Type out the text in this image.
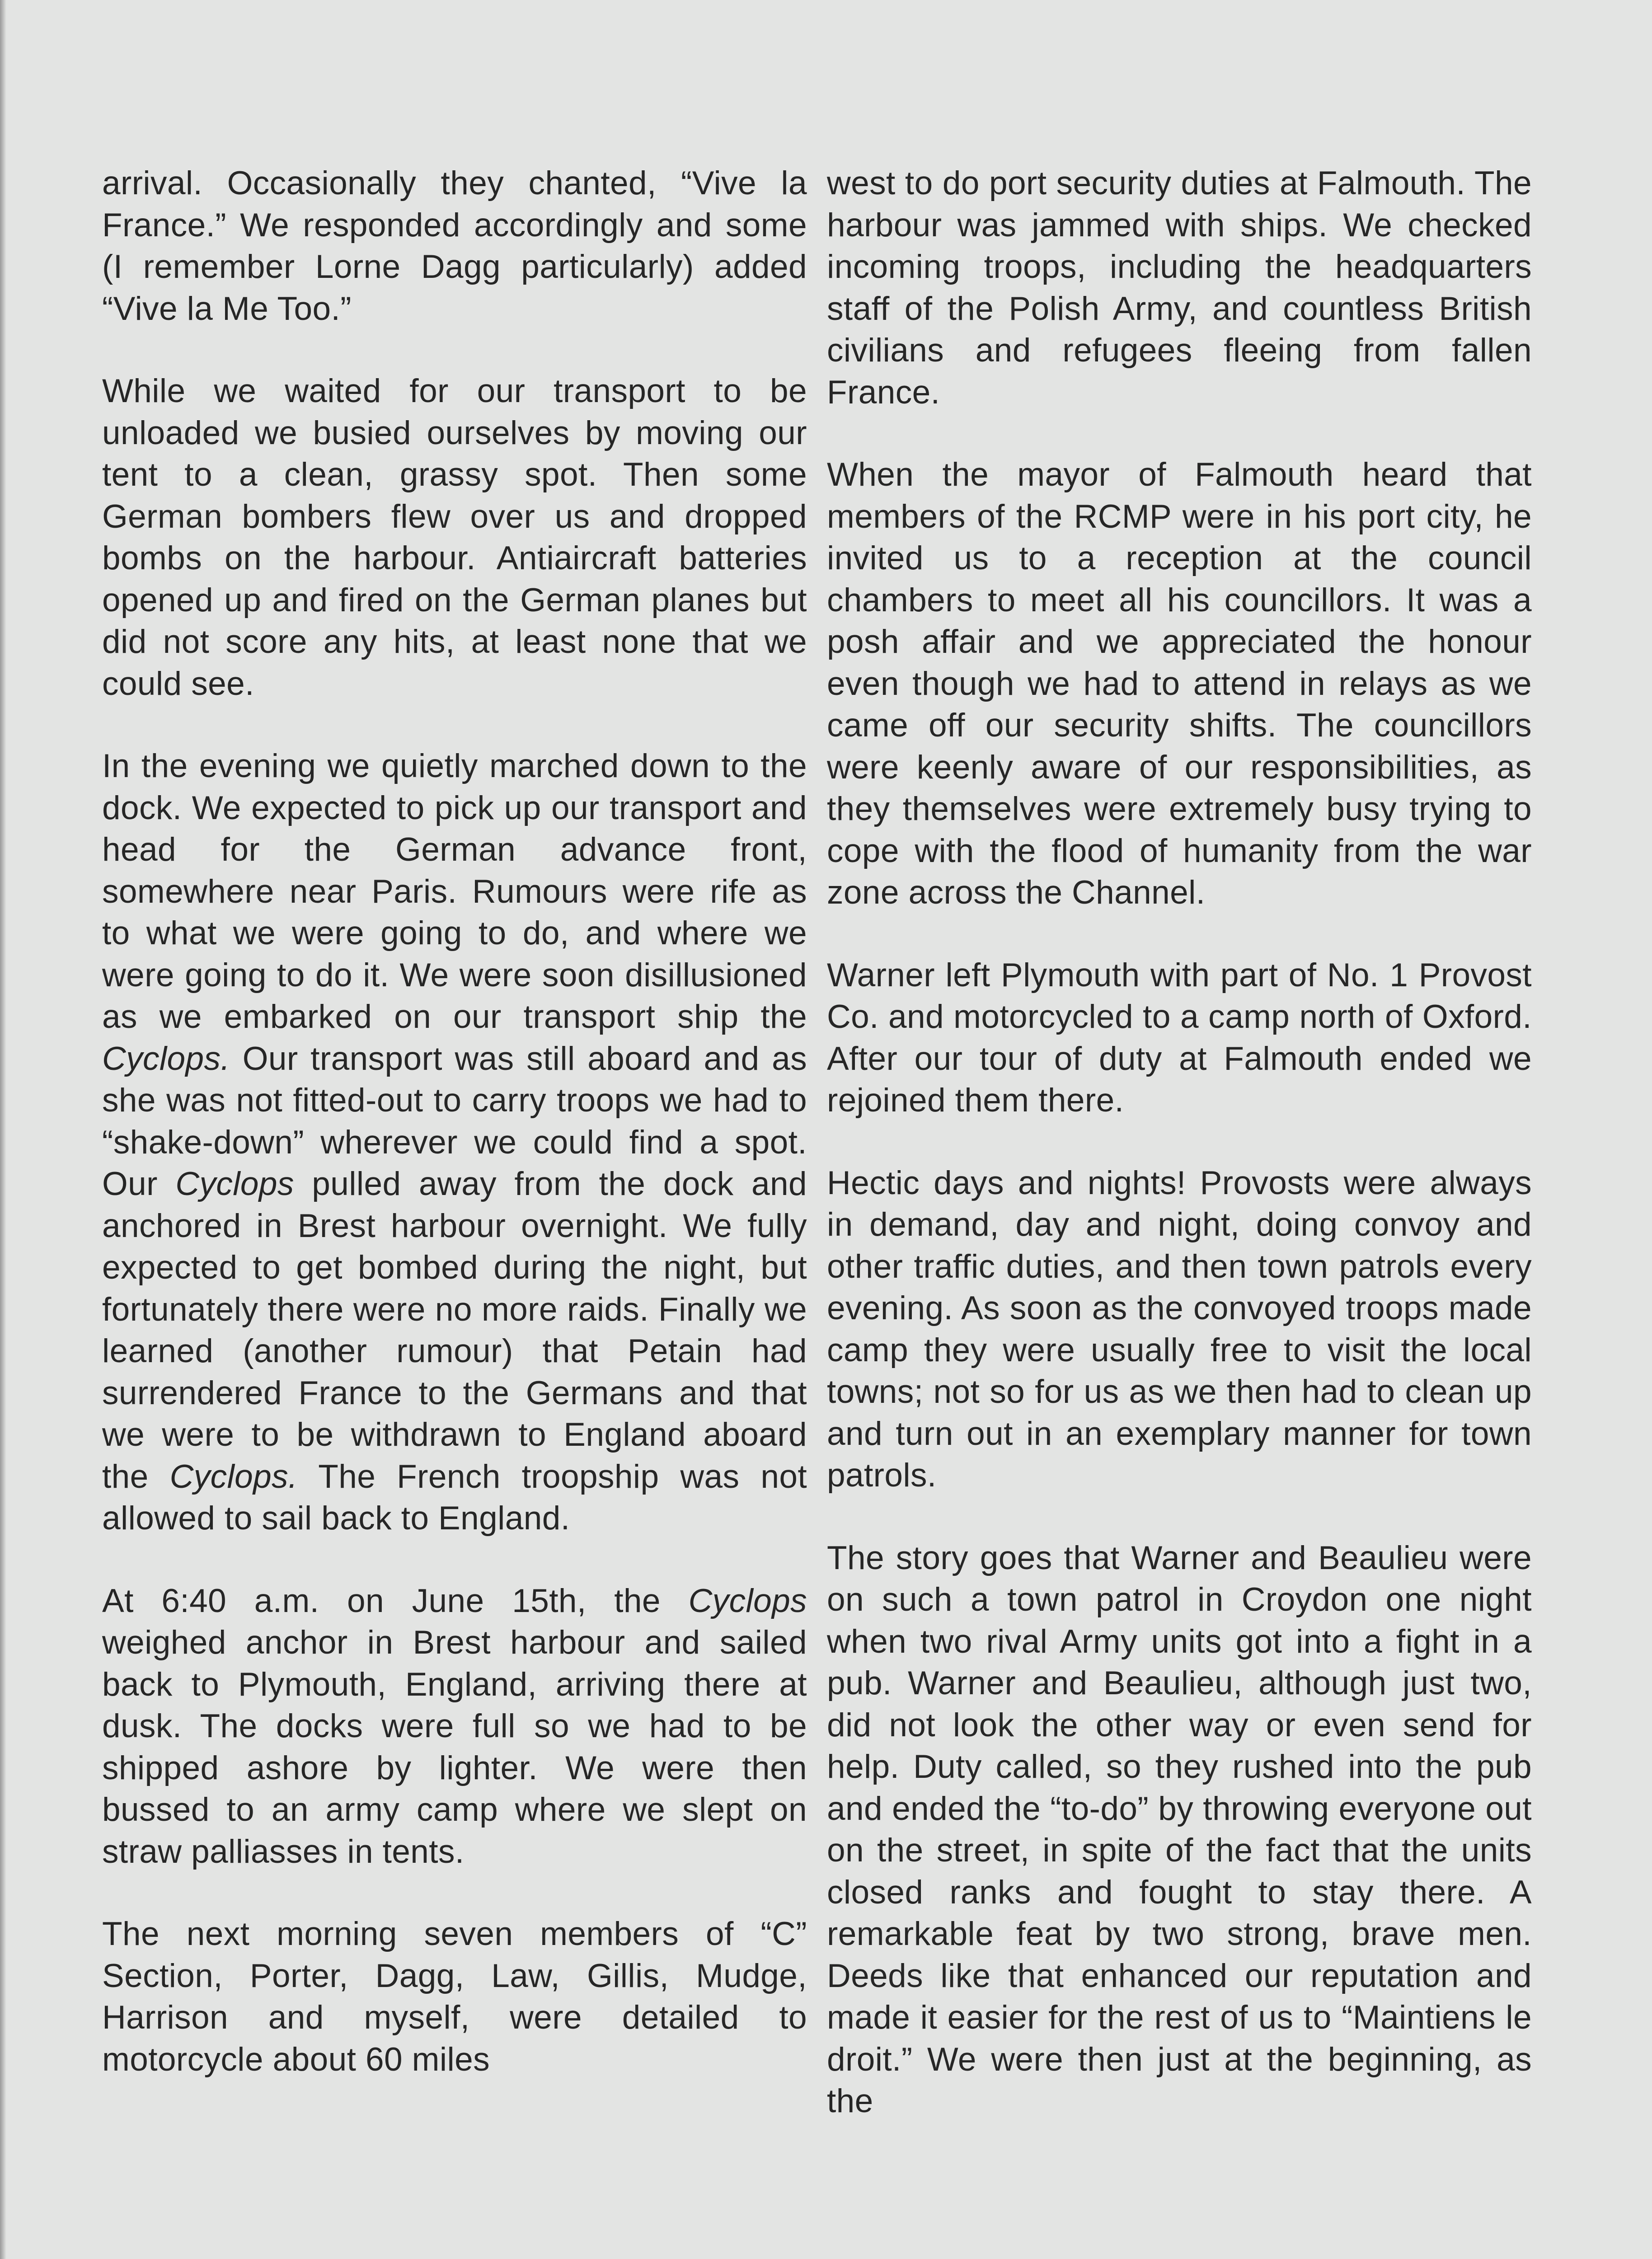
arrival. Occasionally they chanted, “Vive la France.” We responded accordingly and some (I remember Lorne Dagg particularly) added “Vive la Me Too.”

While we waited for our transport to be unloaded we busied ourselves by moving our tent to a clean, grassy spot. Then some German bombers flew over us and dropped bombs on the harbour. Antiaircraft batteries opened up and fired on the German planes but did not score any hits, at least none that we could see.

In the evening we quietly marched down to the dock. We expected to pick up our transport and head for the German advance front, somewhere near Paris. Rumours were rife as to what we were going to do, and where we were going to do it. We were soon disillusioned as we embarked on our transport ship the Cyclops. Our transport was still aboard and as she was not fitted-out to carry troops we had to “shake-down” wherever we could find a spot. Our Cyclops pulled away from the dock and anchored in Brest harbour overnight. We fully expected to get bombed during the night, but fortunately there were no more raids. Finally we learned (another rumour) that Petain had surrendered France to the Germans and that we were to be withdrawn to England aboard the Cyclops. The French troopship was not allowed to sail back to England.

At 6:40 a.m. on June 15th, the Cyclops weighed anchor in Brest harbour and sailed back to Plymouth, England, arriving there at dusk. The docks were full so we had to be shipped ashore by lighter. We were then bussed to an army camp where we slept on straw palliasses in tents.

The next morning seven members of “C” Section, Porter, Dagg, Law, Gillis, Mudge, Harrison and myself, were detailed to motorcycle about 60 miles

west to do port security duties at Falmouth. The harbour was jammed with ships. We checked incoming troops, including the headquarters staff of the Polish Army, and countless British civilians and refugees fleeing from fallen France.

When the mayor of Falmouth heard that members of the RCMP were in his port city, he invited us to a reception at the council chambers to meet all his councillors. It was a posh affair and we appreciated the honour even though we had to attend in relays as we came off our security shifts. The councillors were keenly aware of our responsibilities, as they themselves were extremely busy trying to cope with the flood of humanity from the war zone across the Channel.

Warner left Plymouth with part of No. 1 Provost Co. and motorcycled to a camp north of Oxford. After our tour of duty at Falmouth ended we rejoined them there.

Hectic days and nights! Provosts were always in demand, day and night, doing convoy and other traffic duties, and then town patrols every evening. As soon as the convoyed troops made camp they were usually free to visit the local towns; not so for us as we then had to clean up and turn out in an exemplary manner for town patrols.

The story goes that Warner and Beaulieu were on such a town patrol in Croydon one night when two rival Army units got into a fight in a pub. Warner and Beaulieu, although just two, did not look the other way or even send for help. Duty called, so they rushed into the pub and ended the “to-do” by throwing everyone out on the street, in spite of the fact that the units closed ranks and fought to stay there. A remarkable feat by two strong, brave men. Deeds like that enhanced our reputation and made it easier for the rest of us to “Maintiens le droit.” We were then just at the beginning, as the
